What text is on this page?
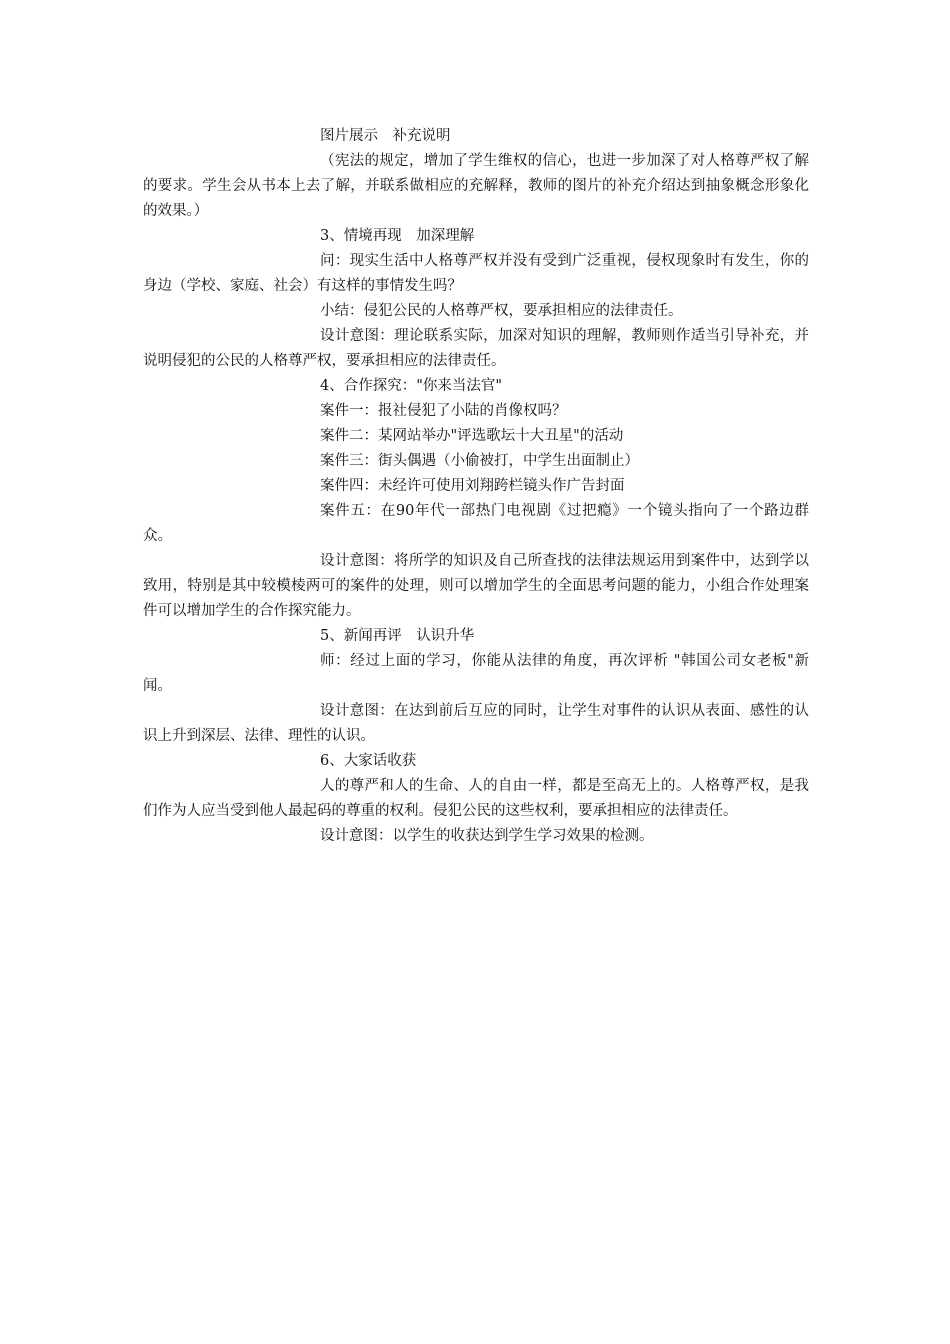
图片展示　补充说明

（宪法的规定，增加了学生维权的信心，也进一步加深了对人格尊严权了解的要求。学生会从书本上去了解，并联系做相应的充解释，教师的图片的补充介绍达到抽象概念形象化的效果。）

3、情境再现　加深理解

问：现实生活中人格尊严权并没有受到广泛重视，侵权现象时有发生，你的身边（学校、家庭、社会）有这样的事情发生吗？

小结：侵犯公民的人格尊严权，要承担相应的法律责任。

设计意图：理论联系实际，加深对知识的理解，教师则作适当引导补充，并说明侵犯的公民的人格尊严权，要承担相应的法律责任。

4、合作探究："你来当法官"

案件一：报社侵犯了小陆的肖像权吗？

案件二：某网站举办"评选歌坛十大丑星"的活动

案件三：街头偶遇（小偷被打，中学生出面制止）

案件四：未经许可使用刘翔跨栏镜头作广告封面

案件五：在90年代一部热门电视剧《过把瘾》一个镜头指向了一个路边群众。

设计意图：将所学的知识及自己所查找的法律法规运用到案件中，达到学以致用，特别是其中较模棱两可的案件的处理，则可以增加学生的全面思考问题的能力，小组合作处理案件可以增加学生的合作探究能力。

5、新闻再评　认识升华

师：经过上面的学习，你能从法律的角度，再次评析 "韩国公司女老板"新闻。

设计意图：在达到前后互应的同时，让学生对事件的认识从表面、感性的认识上升到深层、法律、理性的认识。

6、大家话收获

人的尊严和人的生命、人的自由一样，都是至高无上的。人格尊严权，是我们作为人应当受到他人最起码的尊重的权利。侵犯公民的这些权利，要承担相应的法律责任。

设计意图：以学生的收获达到学生学习效果的检测。
